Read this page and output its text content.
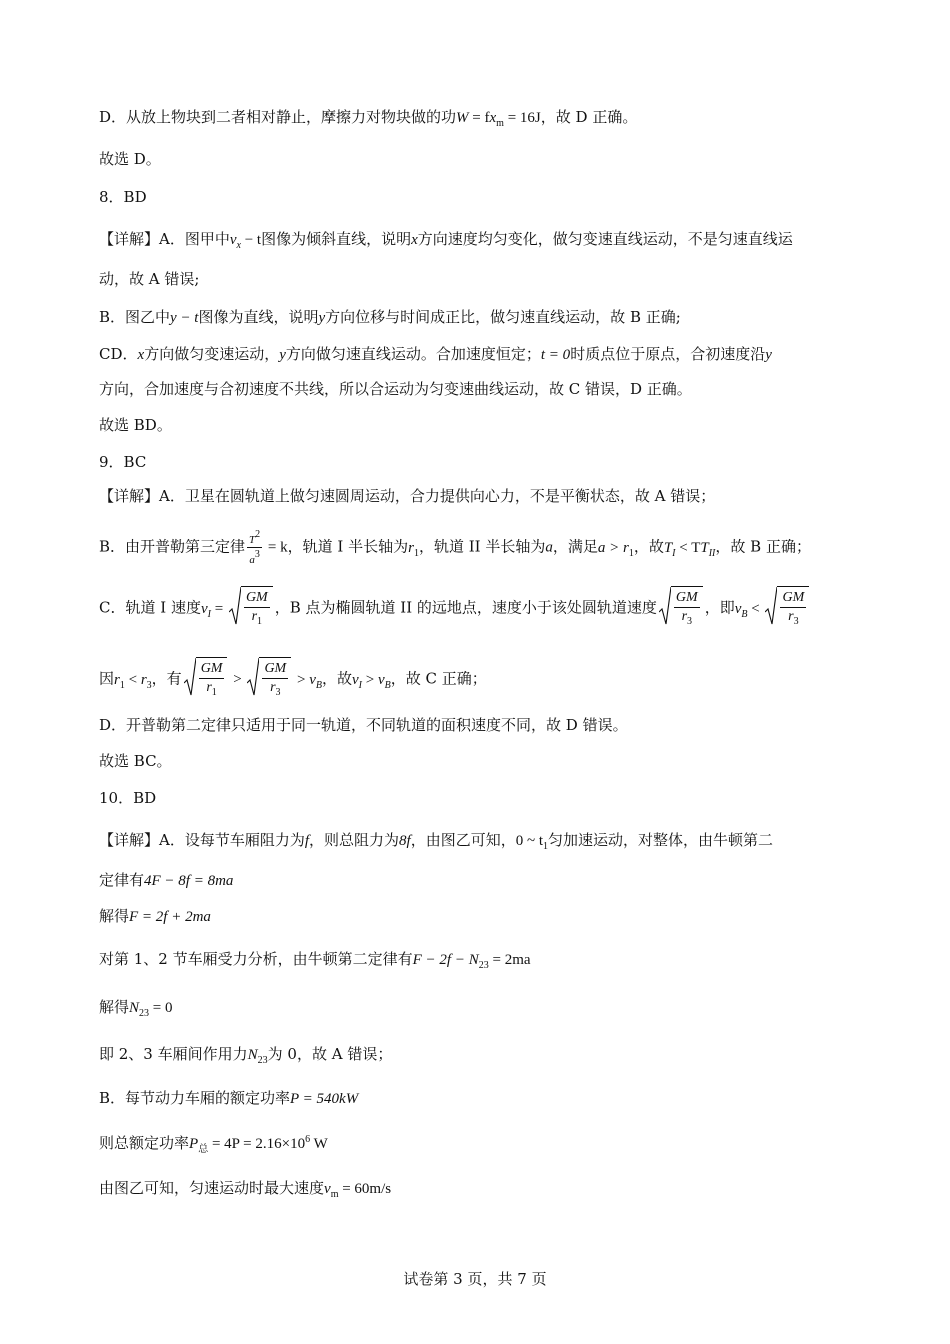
D．从放上物块到二者相对静止，摩擦力对物块做的功$W = fx_m = 16J$，故 D 正确。
故选 D。
8．BD
【详解】A．图甲中$v_x - t$图像为倾斜直线，说明x方向速度均匀变化，做匀变速直线运动，不是匀速直线运
动，故 A 错误;
B．图乙中y − t图像为直线，说明y方向位移与时间成正比，做匀速直线运动，故 B 正确;
CD．x方向做匀变速运动，y方向做匀速直线运动。合加速度恒定；t = 0时质点位于原点，合初速度沿y
方向，合加速度与合初速度不共线，所以合运动为匀变速曲线运动，故 C 错误，D 正确。
故选 BD。
9．BC
【详解】A．卫星在圆轨道上做匀速圆周运动，合力提供向心力，不是平衡状态，故 A 错误；
B．由开普勒第三定律 $\frac{T2}{a3} = k$，轨道 I 半长轴为$r_1$，轨道 II 半长轴为a，满足$a > r_1$，故$T_I < TT_{II}$，故 B 正确；
C．轨道 I 速度$v_I = \frac{GM}{r_1}$ ，B 点为椭圆轨道 II 的远地点，速度小于该处圆轨道速度 $\frac{GM}{r_3}$ ，即$v_B < \frac{GM}{r_3}$
因$r_1 < r_3$，有 $\frac{GM}{r_1} > \frac{GM}{r_3} > v_B$，故$v_I > v_B$，故 C 正确；
D．开普勒第二定律只适用于同一轨道，不同轨道的面积速度不同，故 D 错误。
故选 BC。
10．BD
【详解】A．设每节车厢阻力为f，则总阻力为8f，由图乙可知，0 ~ $t_1$匀加速运动，对整体，由牛顿第二
定律有4F − 8f = 8ma
解得F = 2f + 2ma
对第 1、2 节车厢受力分析，由牛顿第二定律有$F - 2f - N_{23} = 2ma$
解得$N_{23} = 0$
即 2、3 车厢间作用力$N_{23}$为 0，故 A 错误；
B．每节动力车厢的额定功率P = 540kW
则总额定功率$P_总 = 4P = 2.16\times 10^6$ W
由图乙可知，匀速运动时最大速度$v_m = 60m/s$
试卷第 3 页，共 7 页
